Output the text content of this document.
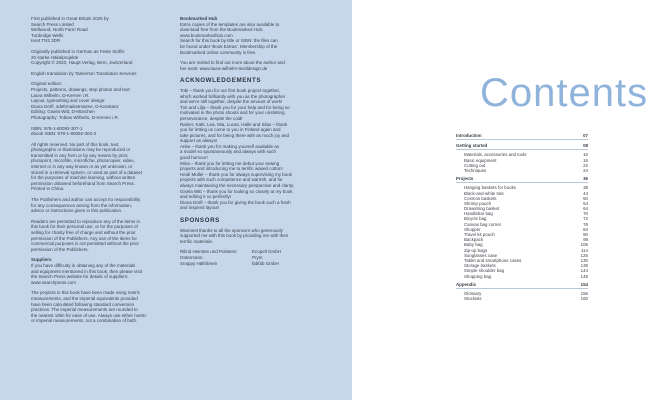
First published in Great Britain 2025 by
Search Press Limited
Wellwood, North Farm Road
Tunbridge Wells
Kent TN2 3DR
Originally published in German as Feste Stoffe:
20 starke Häkelprojekte
Copyright © 2020, Haupt Verlag, Bern, Switzerland
English translation by Tankerton Translation Services
Original edition:
Projects, patterns, drawings, step photos and text:
Laura Wilhelm, D-Kernen i.R.
Layout, typesetting and cover design:
Diana Dörfl, sdefrmaiitetmaime, D-Konstanz
Editing: Gisela Witt, D-München
Photography: Tobias Wilhelm, D-Kernen i.R.
ISBN: 978-1-80092-307-1
ebook ISBN: 978-1-80092-303-3
All rights reserved. No part of this book, text,
photographs or illustrations may be reproduced or
transmitted in any form or by any means by print,
photoprint, microfilm, microfiche, photocopier, video,
internet or in any way known or as yet unknown, or
stored in a retrieval system, or used as part of a dataset
for the purposes of machine learning, without written
permission obtained beforehand from Search Press.
Printed in China.
The Publishers and author can accept no responsibility
for any consequences arising from the information,
advice or instructions given in this publication.
Readers are permitted to reproduce any of the items in
this book for their personal use, or for the purposes of
selling for charity free of charge and without the prior
permission of the Publishers. Any use of the items for
commercial purposes is not permitted without the prior
permission of the Publishers.
Suppliers
If you have difficulty in obtaining any of the materials
and equipment mentioned in this book, then please visit
the Search Press website for details of suppliers:
www.searchpress.com
The projects in this book have been made using metric
measurements, and the imperial equivalents provided
have been calculated following standard conversion
practices. The imperial measurements are rounded to
the nearest 1/8in for ease of use. Always use either metric
or imperial measurements, not a combination of both.
Bookmarked Hub
Extra copies of the templates are also available to
download free from the Bookmarked Hub:
www.bookmarkedhub.com
Search for this book by title or ISBN: the files can
be found under 'Book Extras'. Membership of the
Bookmarked online community is free.
You are invited to find out more about the author and
her work: www.laura-wilhelm-textildesign.de
ACKNOWLEDGEMENTS
Tobi – thank you for our first book project together,
which worked brilliantly with you as the photographer
and we're still together, despite the amount of work!
Tim and Lilja – thank you for your help and for being so
motivated in the photo shoots and for your unstinting
perseverance, despite the cold!
Rainer, Katti, Lea, Mia, Lucas, Halle and Silas – thank
you for letting us come to you in Finland again and
take pictures, and for being there with as much joy and
support as always!
Anke – thank you for making yourself available as
a model so spontaneously and always with such
good humour!
Mina – thank you for letting me debut your sewing
projects and introducing me to terrific waxed cotton!
Heidi Müller – thank you for always supervising my book
projects with such competence and warmth, and for
always maintaining the necessary perspective and clarity.
Gisela Witt – thank you for looking so closely at my book
and editing it so perfectly!
Diana Dörfl – thank you for giving the book such a fresh
and inspired layout!
SPONSORS
Warmest thanks to all the sponsors who generously
supported me with this book by providing me with their
terrific materials.
Rilind Heimtex und Polsterei	Ecopell GmbH
Gütermann	Prym
Snappy Häkhbrem	fabfab GmbH
Contents
Introduction	07
Getting started	08
Materials, accessories and tools	10
Basic equipment	16
Cutting out	22
Techniques	24
Projects	36
Hanging baskets for books	38
Black-and-white tote	44
Cosmos baskets	50
Shrimp pouch	54
Drawstring basket	64
Handlebar bag	70
Bicycle bag	72
Canvas bag corner	76
Shopper	84
Travel kit pouch	90
Backpack	98
Baby bag	106
Zip-up bags	114
Sunglasses case	126
Tablet and smartphone cases	130
Storage baskets	138
Simple shoulder bag	144
Shopping bag	148
Appendix	154
Glossary	156
Stockists	160
